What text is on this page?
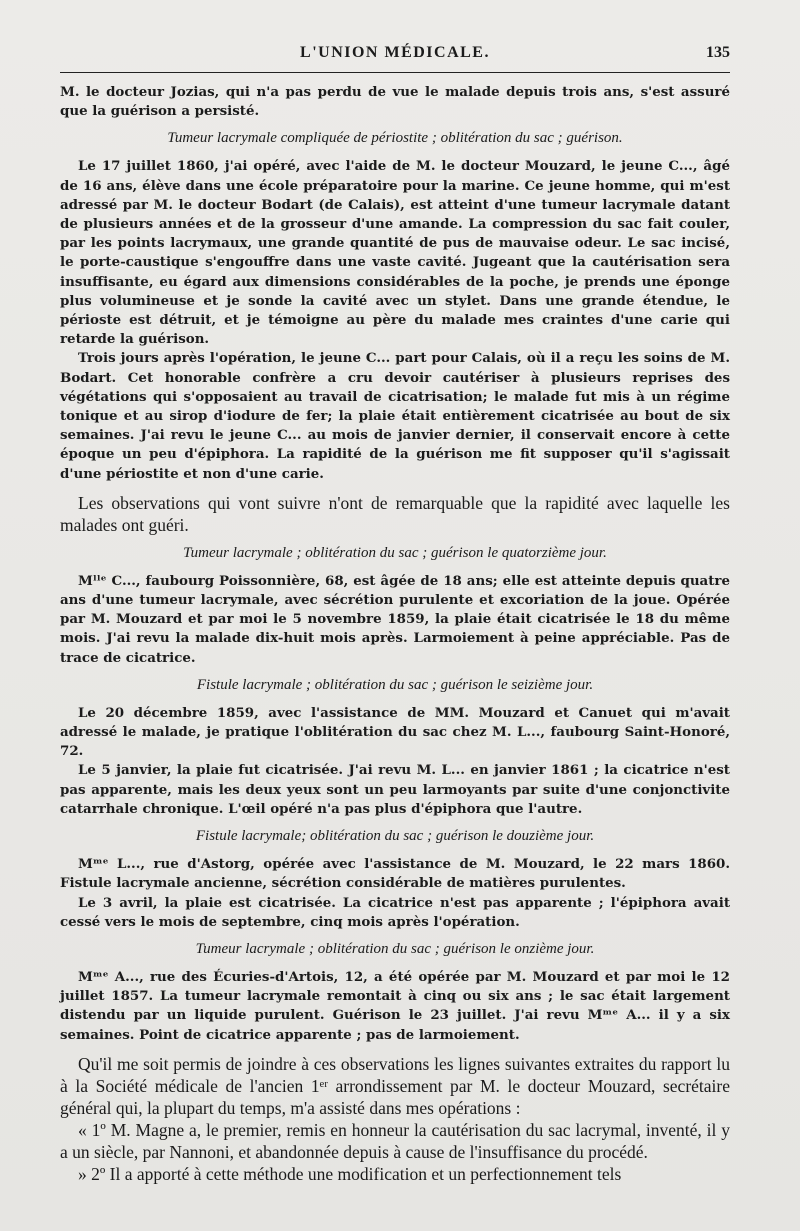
L'UNION MÉDICALE.	135

M. le docteur Jozias, qui n'a pas perdu de vue le malade depuis trois ans, s'est assuré que la guérison a persisté.

Tumeur lacrymale compliquée de périostite ; oblitération du sac ; guérison.

Le 17 juillet 1860, j'ai opéré, avec l'aide de M. le docteur Mouzard, le jeune C..., âgé de 16 ans, élève dans une école préparatoire pour la marine. Ce jeune homme, qui m'est adressé par M. le docteur Bodart (de Calais), est atteint d'une tumeur lacrymale datant de plusieurs années et de la grosseur d'une amande. La compression du sac fait couler, par les points lacrymaux, une grande quantité de pus de mauvaise odeur. Le sac incisé, le porte-caustique s'engouffre dans une vaste cavité. Jugeant que la cautérisation sera insuffisante, eu égard aux dimensions considérables de la poche, je prends une éponge plus volumineuse et je sonde la cavité avec un stylet. Dans une grande étendue, le périoste est détruit, et je témoigne au père du malade mes craintes d'une carie qui retarde la guérison.

Trois jours après l'opération, le jeune C... part pour Calais, où il a reçu les soins de M. Bodart. Cet honorable confrère a cru devoir cautériser à plusieurs reprises des végétations qui s'opposaient au travail de cicatrisation; le malade fut mis à un régime tonique et au sirop d'iodure de fer; la plaie était entièrement cicatrisée au bout de six semaines. J'ai revu le jeune C... au mois de janvier dernier, il conservait encore à cette époque un peu d'épiphora. La rapidité de la guérison me fit supposer qu'il s'agissait d'une périostite et non d'une carie.

Les observations qui vont suivre n'ont de remarquable que la rapidité avec laquelle les malades ont guéri.

Tumeur lacrymale ; oblitération du sac ; guérison le quatorzième jour.

Mˡˡᵉ C..., faubourg Poissonnière, 68, est âgée de 18 ans; elle est atteinte depuis quatre ans d'une tumeur lacrymale, avec sécrétion purulente et excoriation de la joue. Opérée par M. Mouzard et par moi le 5 novembre 1859, la plaie était cicatrisée le 18 du même mois. J'ai revu la malade dix-huit mois après. Larmoiement à peine appréciable. Pas de trace de cicatrice.

Fistule lacrymale ; oblitération du sac ; guérison le seizième jour.

Le 20 décembre 1859, avec l'assistance de MM. Mouzard et Canuet qui m'avait adressé le malade, je pratique l'oblitération du sac chez M. L..., faubourg Saint-Honoré, 72.

Le 5 janvier, la plaie fut cicatrisée. J'ai revu M. L... en janvier 1861 ; la cicatrice n'est pas apparente, mais les deux yeux sont un peu larmoyants par suite d'une conjonctivite catarrhale chronique. L'œil opéré n'a pas plus d'épiphora que l'autre.

Fistule lacrymale; oblitération du sac ; guérison le douzième jour.

Mᵐᵉ L..., rue d'Astorg, opérée avec l'assistance de M. Mouzard, le 22 mars 1860. Fistule lacrymale ancienne, sécrétion considérable de matières purulentes.

Le 3 avril, la plaie est cicatrisée. La cicatrice n'est pas apparente ; l'épiphora avait cessé vers le mois de septembre, cinq mois après l'opération.

Tumeur lacrymale ; oblitération du sac ; guérison le onzième jour.

Mᵐᵉ A..., rue des Écuries-d'Artois, 12, a été opérée par M. Mouzard et par moi le 12 juillet 1857. La tumeur lacrymale remontait à cinq ou six ans ; le sac était largement distendu par un liquide purulent. Guérison le 23 juillet. J'ai revu Mᵐᵉ A... il y a six semaines. Point de cicatrice apparente ; pas de larmoiement.

Qu'il me soit permis de joindre à ces observations les lignes suivantes extraites du rapport lu à la Société médicale de l'ancien 1ᵉʳ arrondissement par M. le docteur Mouzard, secrétaire général qui, la plupart du temps, m'a assisté dans mes opérations :

« 1º M. Magne a, le premier, remis en honneur la cautérisation du sac lacrymal, inventé, il y a un siècle, par Nannoni, et abandonnée depuis à cause de l'insuffisance du procédé.

» 2º Il a apporté à cette méthode une modification et un perfectionnement tels
